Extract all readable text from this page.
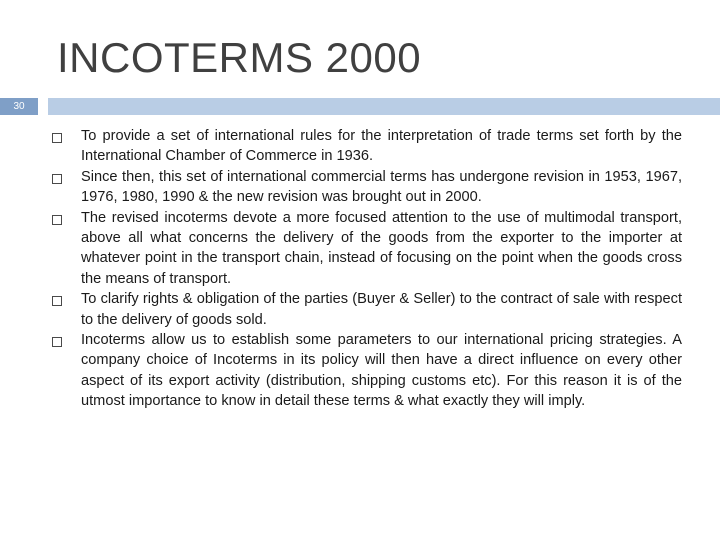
INCOTERMS 2000
30
To provide a set of international rules for the interpretation of trade terms set forth by the International Chamber of Commerce in 1936.
Since then, this set of international commercial terms has undergone revision in 1953, 1967, 1976, 1980, 1990 & the new revision was brought out in 2000.
The revised incoterms devote a more focused attention to the use of multimodal transport, above all what concerns the delivery of the goods from the exporter to the importer at whatever point in the transport chain, instead of focusing on the point when the goods cross the means of transport.
To clarify rights & obligation of the parties (Buyer & Seller) to the contract of sale with respect to the delivery of goods sold.
Incoterms allow us to establish some parameters to our international pricing strategies. A company choice of Incoterms in its policy will then have a direct influence on every other aspect of its export activity (distribution, shipping customs etc). For this reason it is of the utmost importance to know in detail these terms & what exactly they will imply.
